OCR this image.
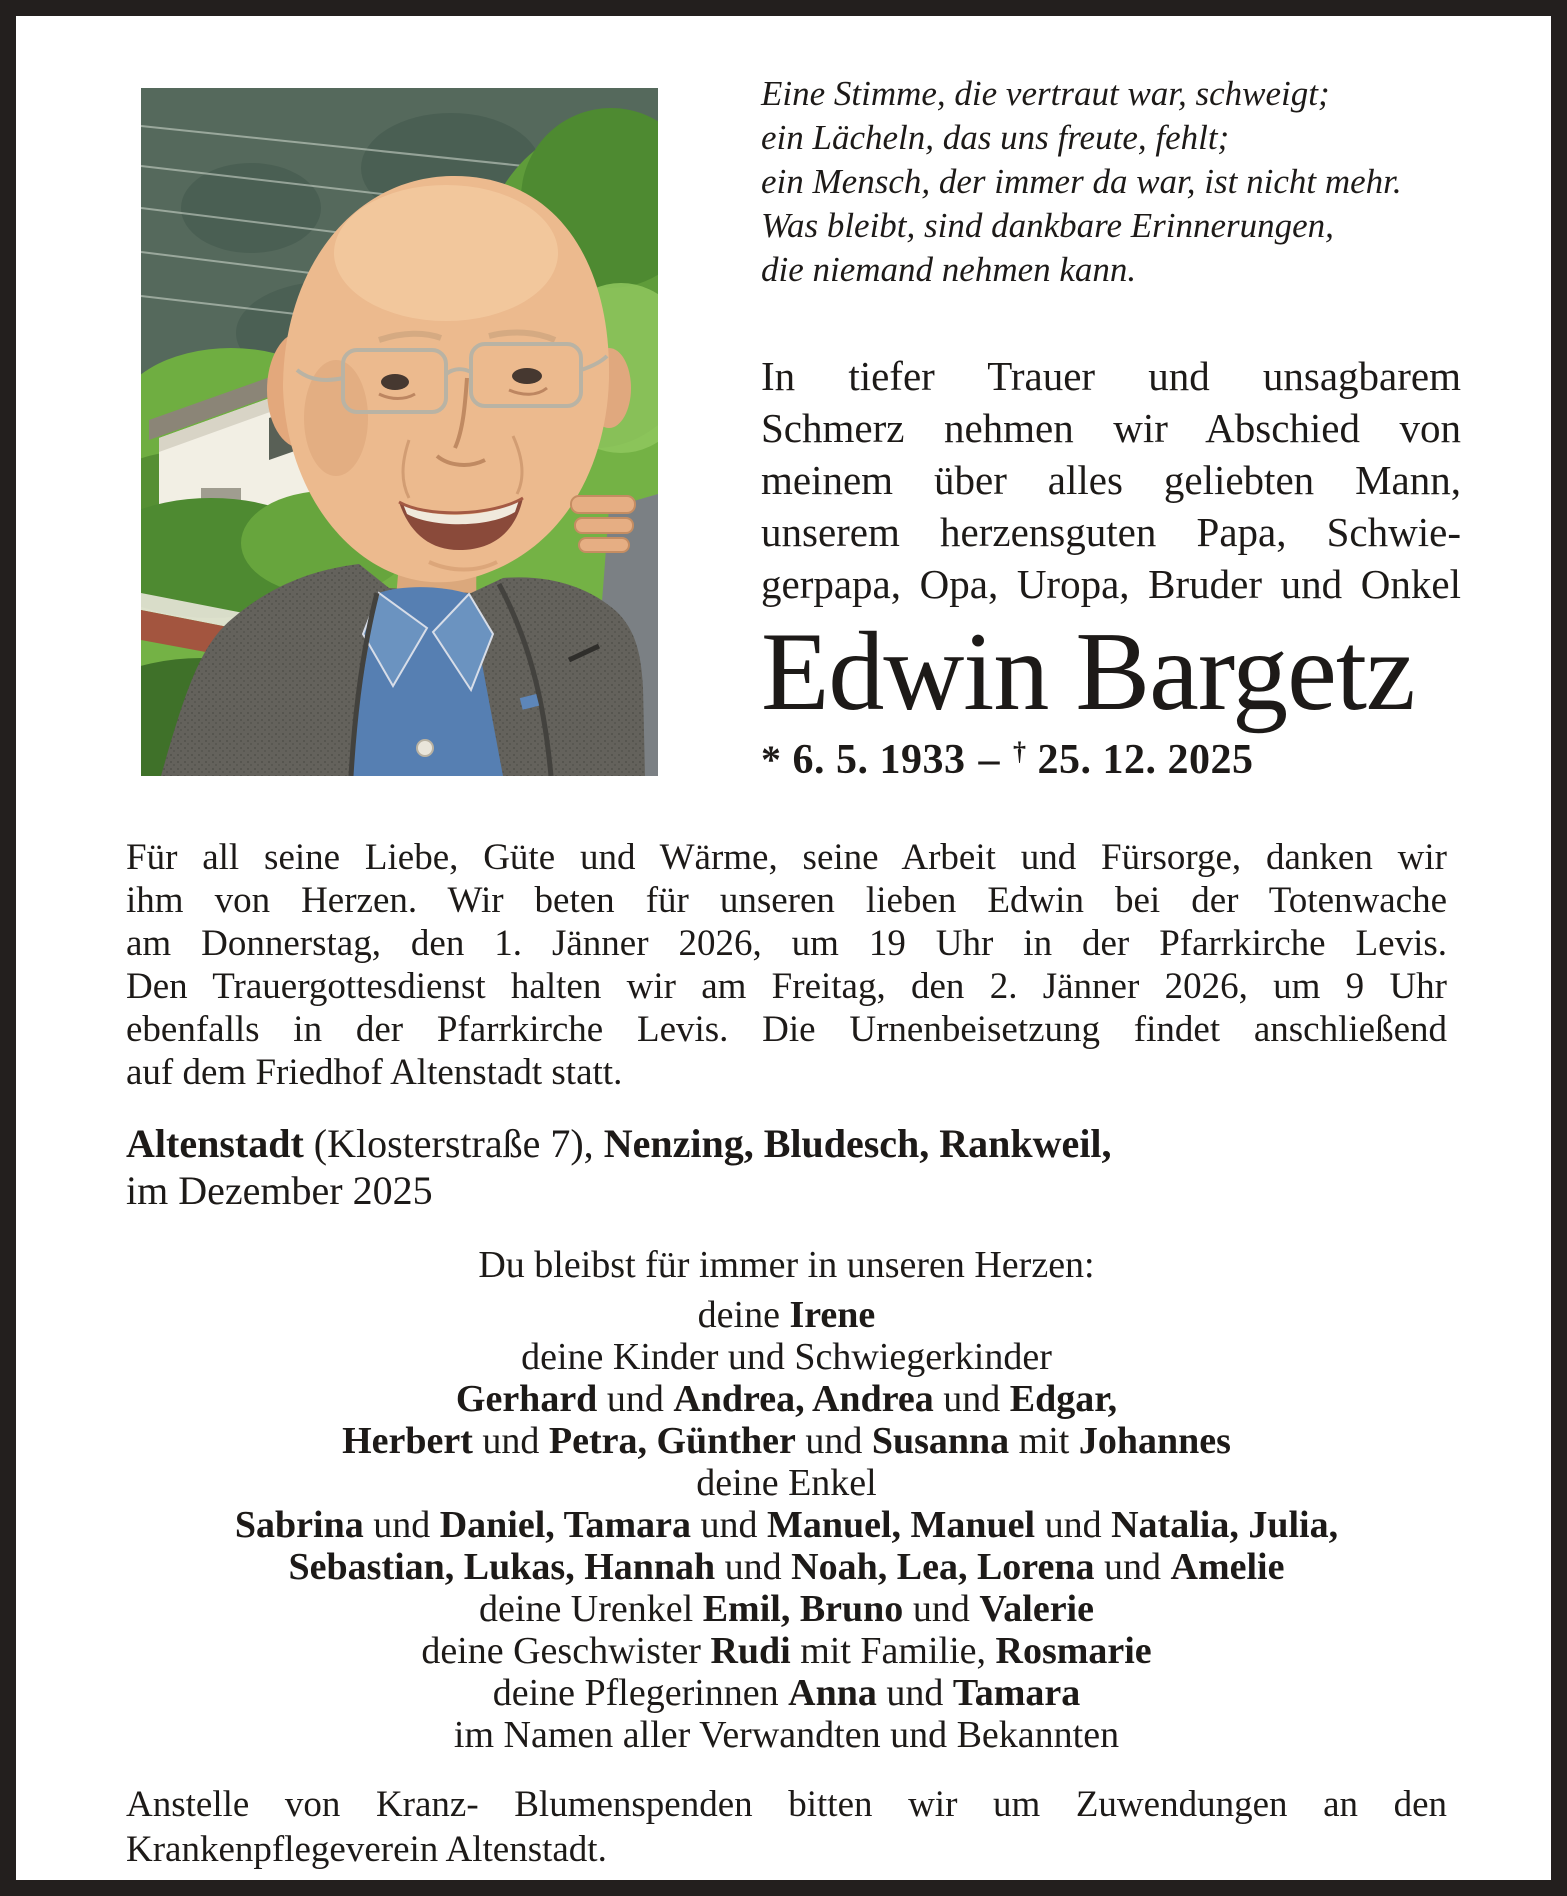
Eine Stimme, die vertraut war, schweigt;
ein Lächeln, das uns freute, fehlt;
ein Mensch, der immer da war, ist nicht mehr.
Was bleibt, sind dankbare Erinnerungen,
die niemand nehmen kann.
In tiefer Trauer und unsagbarem
Schmerz nehmen wir Abschied von
meinem über alles geliebten Mann,
unserem herzensguten Papa, Schwie-
gerpapa, Opa, Uropa, Bruder und Onkel
Edwin Bargetz
* 6. 5. 1933 – † 25. 12. 2025
Für all seine Liebe, Güte und Wärme, seine Arbeit und Fürsorge, danken wir
ihm von Herzen. Wir beten für unseren lieben Edwin bei der Totenwache
am Donnerstag, den 1. Jänner 2026, um 19 Uhr in der Pfarrkirche Levis.
Den Trauergottesdienst halten wir am Freitag, den 2. Jänner 2026, um 9 Uhr
ebenfalls in der Pfarrkirche Levis. Die Urnenbeisetzung findet anschließend
auf dem Friedhof Altenstadt statt.
Altenstadt (Klosterstraße 7), Nenzing, Bludesch, Rankweil,
im Dezember 2025
Du bleibst für immer in unseren Herzen:
deine Irene
deine Kinder und Schwiegerkinder
Gerhard und Andrea, Andrea und Edgar,
Herbert und Petra, Günther und Susanna mit Johannes
deine Enkel
Sabrina und Daniel, Tamara und Manuel, Manuel und Natalia, Julia,
Sebastian, Lukas, Hannah und Noah, Lea, Lorena und Amelie
deine Urenkel Emil, Bruno und Valerie
deine Geschwister Rudi mit Familie, Rosmarie
deine Pflegerinnen Anna und Tamara
im Namen aller Verwandten und Bekannten
Anstelle von Kranz- Blumenspenden bitten wir um Zuwendungen an den
Krankenpflegeverein Altenstadt.
